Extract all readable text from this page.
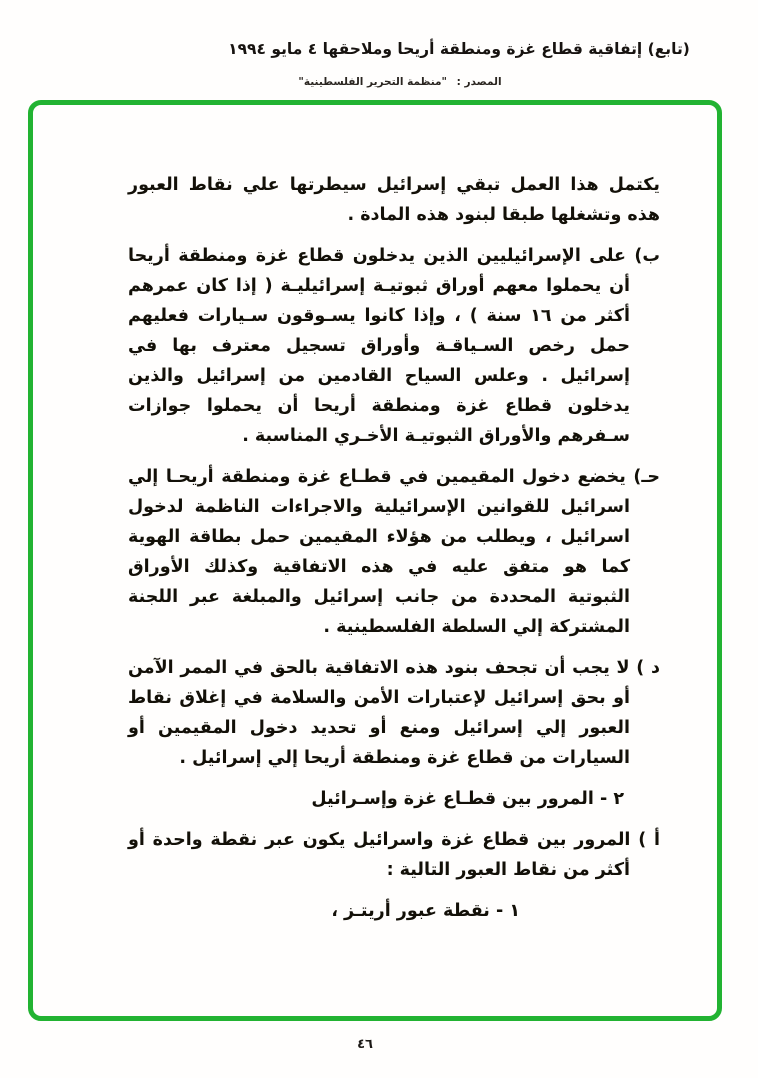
(تابع) إتفاقية قطاع غزة ومنطقة أريحا وملاحقها ٤ مايو ١٩٩٤
المصدر : "منظمة التحرير الفلسطينية"

يكتمل هذا العمل تبقي إسرائيل سيطرتها علي نقاط العبور هذه وتشغلها طبقا لبنود هذه المادة .

ب) على الإسرائيليين الذين يدخلون قطاع غزة ومنطقة أريحا أن يحملوا معهم أوراق ثبوتيـة إسرائيليـة ( إذا كان عمرهم أكثر من ١٦ سنة ) ، وإذا كانوا يسـوقون سـيارات فعليهم حمل رخص السـياقـة وأوراق تسجيل معترف بها في إسرائيل . وعلس السياح القادمين من إسرائيل والذين يدخلون قطاع غزة ومنطقة أريحا أن يحملوا جوازات سـفرهم والأوراق الثبوتيـة الأخـري المناسبة .

حـ) يخضع دخول المقيمين في قطـاع غزة ومنطقة أريحـا إلي اسرائيل للقوانين الإسرائيلية والاجراءات الناظمة لدخول اسرائيل ، ويطلب من هؤلاء المقيمين حمل بطاقة الهوية كما هو متفق عليه في هذه الاتفاقية وكذلك الأوراق الثبوتية المحددة من جانب إسرائيل والمبلغة عبر اللجنة المشتركة إلي السلطة الفلسطينية .

د ) لا يجب أن تجحف بنود هذه الاتفاقية بالحق في الممر الآمن أو بحق إسرائيل لإعتبارات الأمن والسلامة في إغلاق نقاط العبور إلي إسرائيل ومنع أو تحديد دخول المقيمين أو السيارات من قطاع غزة ومنطقة أريحا إلي إسرائيل .

٢ - المرور بين قطـاع غزة وإسـرائيل

أ ) المرور بين قطاع غزة واسرائيل يكون عبر نقطة واحدة أو أكثر من نقاط العبور التالية :

١ - نقطة عبور أريتـز ،

٤٦
